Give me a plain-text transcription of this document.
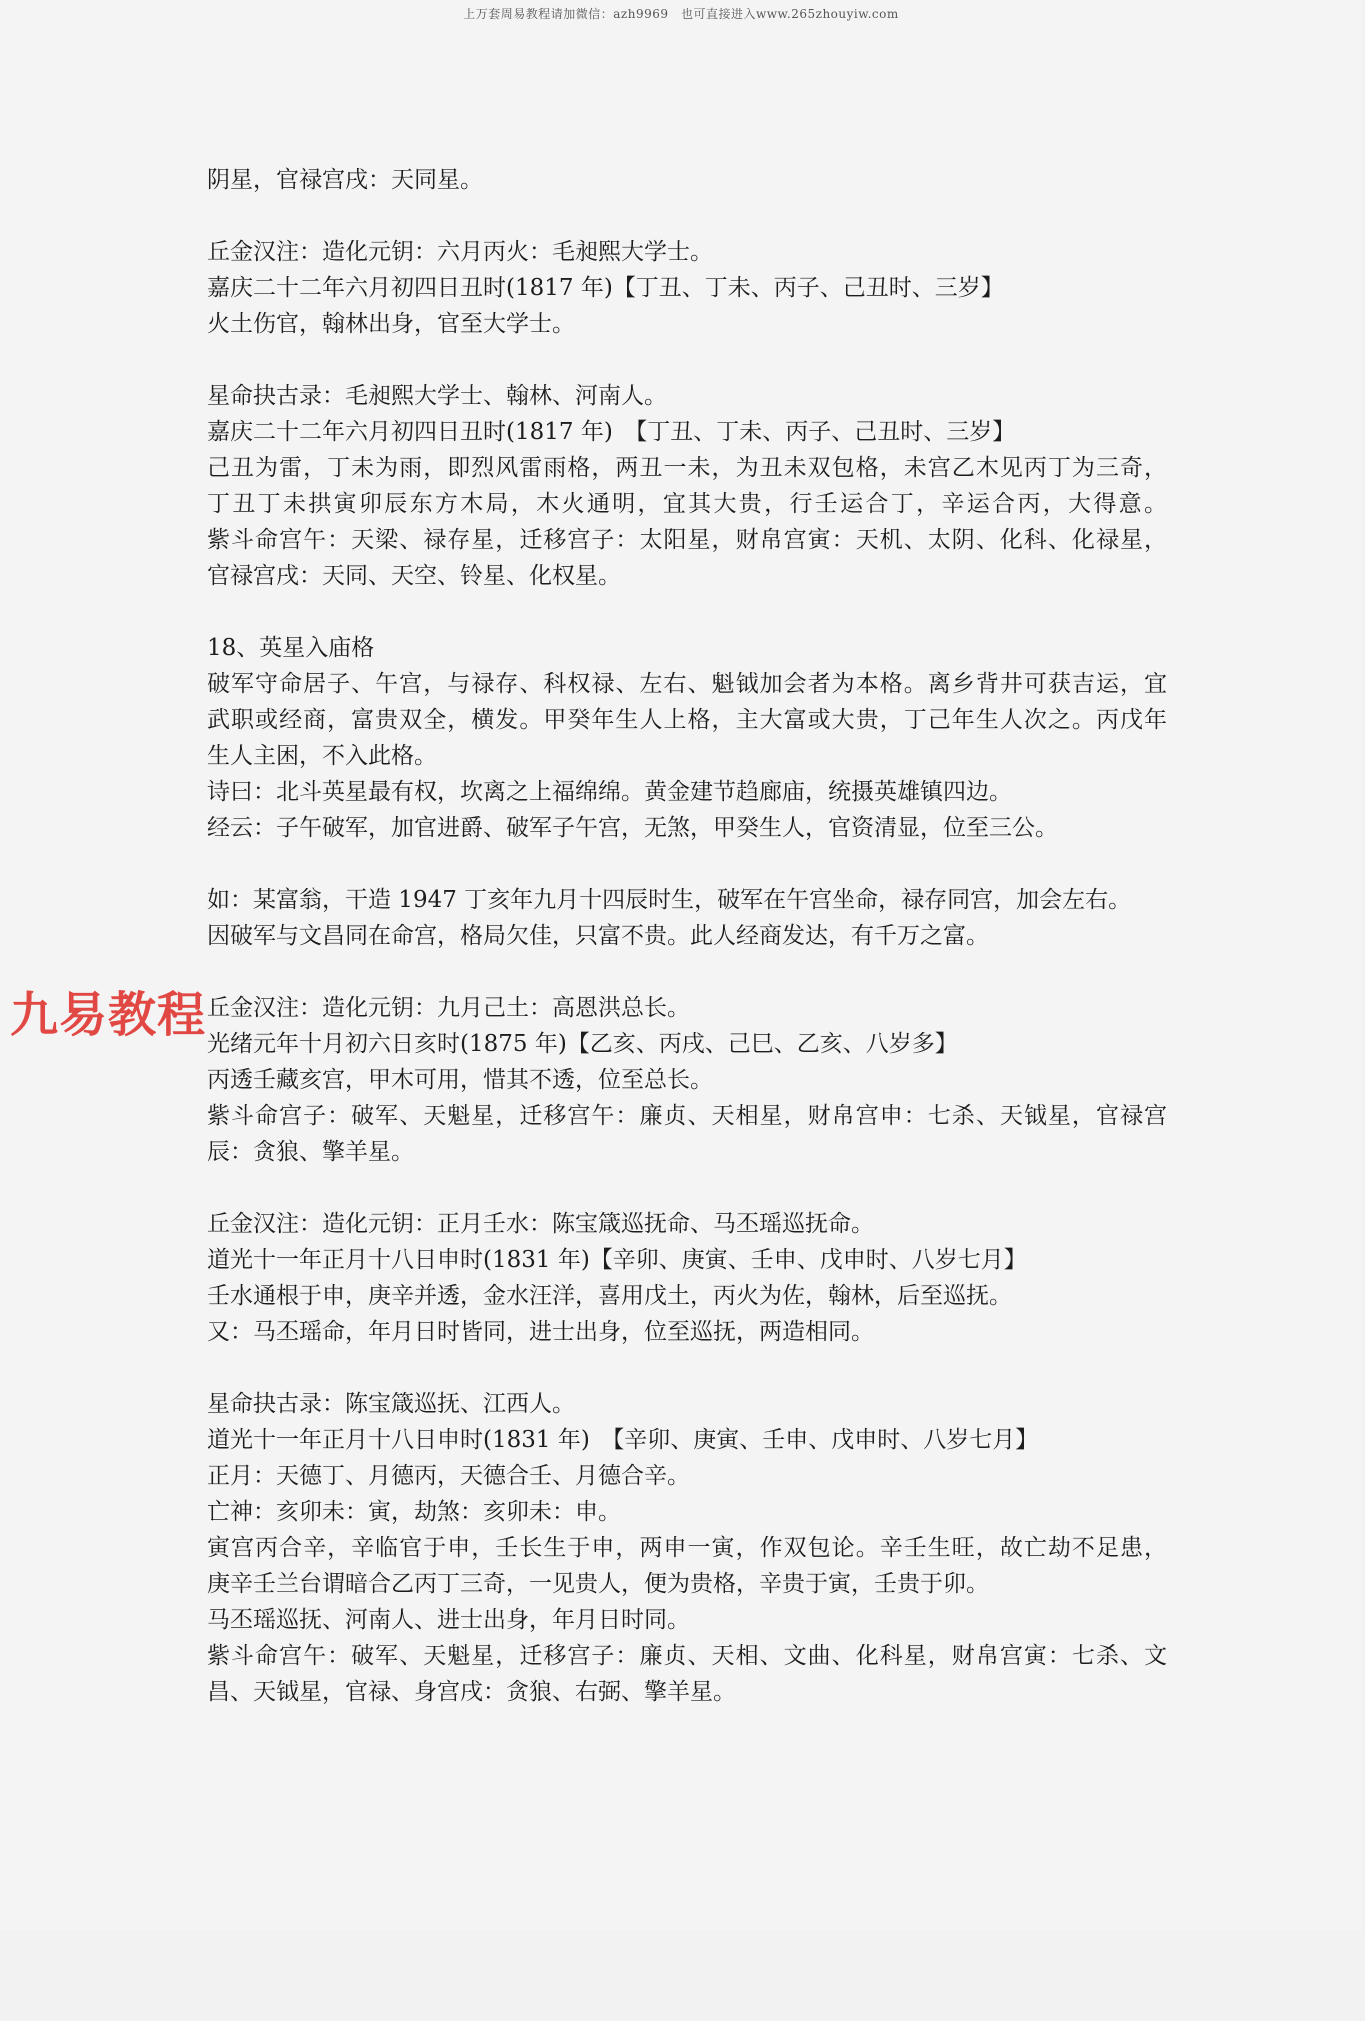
上万套周易教程请加微信：azh9969　也可直接进入www.265zhouyiw.com
阴星，官禄宫戌：天同星。
丘金汉注：造化元钥：六月丙火：毛昶熙大学士。
嘉庆二十二年六月初四日丑时(1817 年)【丁丑、丁未、丙子、己丑时、三岁】
火土伤官，翰林出身，官至大学士。
星命抉古录：毛昶熙大学士、翰林、河南人。
嘉庆二十二年六月初四日丑时(1817 年)　【丁丑、丁未、丙子、己丑时、三岁】
己丑为雷，丁未为雨，即烈风雷雨格，两丑一未，为丑未双包格，未宫乙木见丙丁为三奇，
丁丑丁未拱寅卯辰东方木局，木火通明，宜其大贵，行壬运合丁，辛运合丙，大得意。
紫斗命宫午：天梁、禄存星，迁移宫子：太阳星，财帛宫寅：天机、太阴、化科、化禄星，
官禄宫戌：天同、天空、铃星、化权星。
18、英星入庙格
破军守命居子、午宫，与禄存、科权禄、左右、魁钺加会者为本格。离乡背井可获吉运，宜
武职或经商，富贵双全，横发。甲癸年生人上格，主大富或大贵，丁己年生人次之。丙戊年
生人主困，不入此格。
诗曰：北斗英星最有权，坎离之上福绵绵。黄金建节趋廊庙，统摄英雄镇四边。
经云：子午破军，加官进爵、破军子午宫，无煞，甲癸生人，官资清显，位至三公。
如：某富翁，干造 1947 丁亥年九月十四辰时生，破军在午宫坐命，禄存同宫，加会左右。
因破军与文昌同在命宫，格局欠佳，只富不贵。此人经商发达，有千万之富。
丘金汉注：造化元钥：九月己土：高恩洪总长。
光绪元年十月初六日亥时(1875 年)【乙亥、丙戌、己巳、乙亥、八岁多】
丙透壬藏亥宫，甲木可用，惜其不透，位至总长。
紫斗命宫子：破军、天魁星，迁移宫午：廉贞、天相星，财帛宫申：七杀、天钺星，官禄宫
辰：贪狼、擎羊星。
丘金汉注：造化元钥：正月壬水：陈宝箴巡抚命、马丕瑶巡抚命。
道光十一年正月十八日申时(1831 年)【辛卯、庚寅、壬申、戊申时、八岁七月】
壬水通根于申，庚辛并透，金水汪洋，喜用戊土，丙火为佐，翰林，后至巡抚。
又：马丕瑶命，年月日时皆同，进士出身，位至巡抚，两造相同。
星命抉古录：陈宝箴巡抚、江西人。
道光十一年正月十八日申时(1831 年)　【辛卯、庚寅、壬申、戊申时、八岁七月】
正月：天德丁、月德丙，天德合壬、月德合辛。
亡神：亥卯未：寅，劫煞：亥卯未：申。
寅宫丙合辛，辛临官于申，壬长生于申，两申一寅，作双包论。辛壬生旺，故亡劫不足患，
庚辛壬兰台谓暗合乙丙丁三奇，一见贵人，便为贵格，辛贵于寅，壬贵于卯。
马丕瑶巡抚、河南人、进士出身，年月日时同。
紫斗命宫午：破军、天魁星，迁移宫子：廉贞、天相、文曲、化科星，财帛宫寅：七杀、文
昌、天钺星，官禄、身宫戌：贪狼、右弼、擎羊星。
九易教程
